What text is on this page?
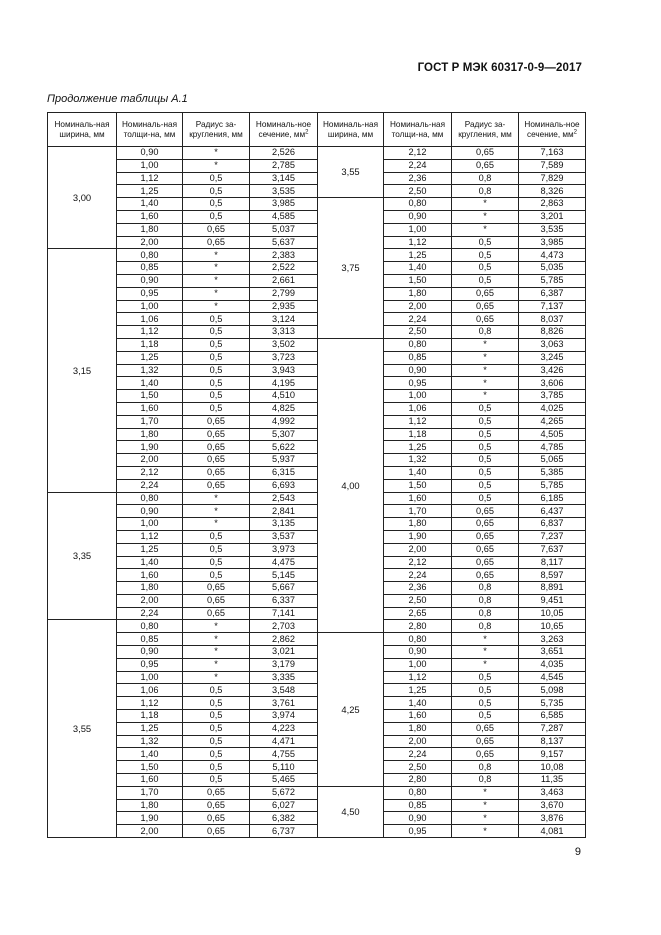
ГОСТ Р МЭК 60317-0-9—2017
Продолжение таблицы А.1
Номиналь-ная ширина, мм	Номиналь-ная толщи-на, мм	Радиус за-кругления, мм	Номиналь-ное сечение, $мм^2$
3,00	0,90	*	2,526
	1,00	*	2,785
	1,12	0,5	3,145
	1,25	0,5	3,535
	1,40	0,5	3,985
	1,60	0,5	4,585
	1,80	0,65	5,037
	2,00	0,65	5,637
3,15	0,80	*	2,383
	0,85	*	2,522
	0,90	*	2,661
	0,95	*	2,799
	1,00	*	2,935
	1,06	0,5	3,124
	1,12	0,5	3,313
	1,18	0,5	3,502
	1,25	0,5	3,723
	1,32	0,5	3,943
	1,40	0,5	4,195
	1,50	0,5	4,510
	1,60	0,5	4,825
	1,70	0,65	4,992
	1,80	0,65	5,307
	1,90	0,65	5,622
	2,00	0,65	5,937
	2,12	0,65	6,315
	2,24	0,65	6,693
3,35	0,80	*	2,543
	0,90	*	2,841
	1,00	*	3,135
	1,12	0,5	3,537
	1,25	0,5	3,973
	1,40	0,5	4,475
	1,60	0,5	5,145
	1,80	0,65	5,667
	2,00	0,65	6,337
	2,24	0,65	7,141
3,55	0,80	*	2,703
	0,85	*	2,862
	0,90	*	3,021
	0,95	*	3,179
	1,00	*	3,335
	1,06	0,5	3,548
	1,12	0,5	3,761
	1,18	0,5	3,974
	1,25	0,5	4,223
	1,32	0,5	4,471
	1,40	0,5	4,755
	1,50	0,5	5,110
	1,60	0,5	5,465
	1,70	0,65	5,672
	1,80	0,65	6,027
	1,90	0,65	6,382
	2,00	0,65	6,737
Номиналь-ная ширина, мм	Номиналь-ная толщи-на, мм	Радиус за-кругления, мм	Номиналь-ное сечение, $мм^2$
3,55	2,12	0,65	7,163
	2,24	0,65	7,589
	2,36	0,8	7,829
	2,50	0,8	8,326
3,75	0,80	*	2,863
	0,90	*	3,201
	1,00	*	3,535
	1,12	0,5	3,985
	1,25	0,5	4,473
	1,40	0,5	5,035
	1,50	0,5	5,785
	1,80	0,65	6,387
	2,00	0,65	7,137
	2,24	0,65	8,037
	2,50	0,8	8,826
4,00	0,80	*	3,063
	0,85	*	3,245
	0,90	*	3,426
	0,95	*	3,606
	1,00	*	3,785
	1,06	0,5	4,025
	1,12	0,5	4,265
	1,18	0,5	4,505
	1,25	0,5	4,785
	1,32	0,5	5,065
	1,40	0,5	5,385
	1,50	0,5	5,785
	1,60	0,5	6,185
	1,70	0,65	6,437
	1,80	0,65	6,837
	1,90	0,65	7,237
	2,00	0,65	7,637
	2,12	0,65	8,117
	2,24	0,65	8,597
	2,36	0,8	8,891
	2,50	0,8	9,451
	2,65	0,8	10,05
	2,80	0,8	10,65
4,25	0,80	*	3,263
	0,90	*	3,651
	1,00	*	4,035
	1,12	0,5	4,545
	1,25	0,5	5,098
	1,40	0,5	5,735
	1,60	0,5	6,585
	1,80	0,65	7,287
	2,00	0,65	8,137
	2,24	0,65	9,157
	2,50	0,8	10,08
	2,80	0,8	11,35
4,50	0,80	*	3,463
	0,85	*	3,670
	0,90	*	3,876
	0,95	*	4,081
9
